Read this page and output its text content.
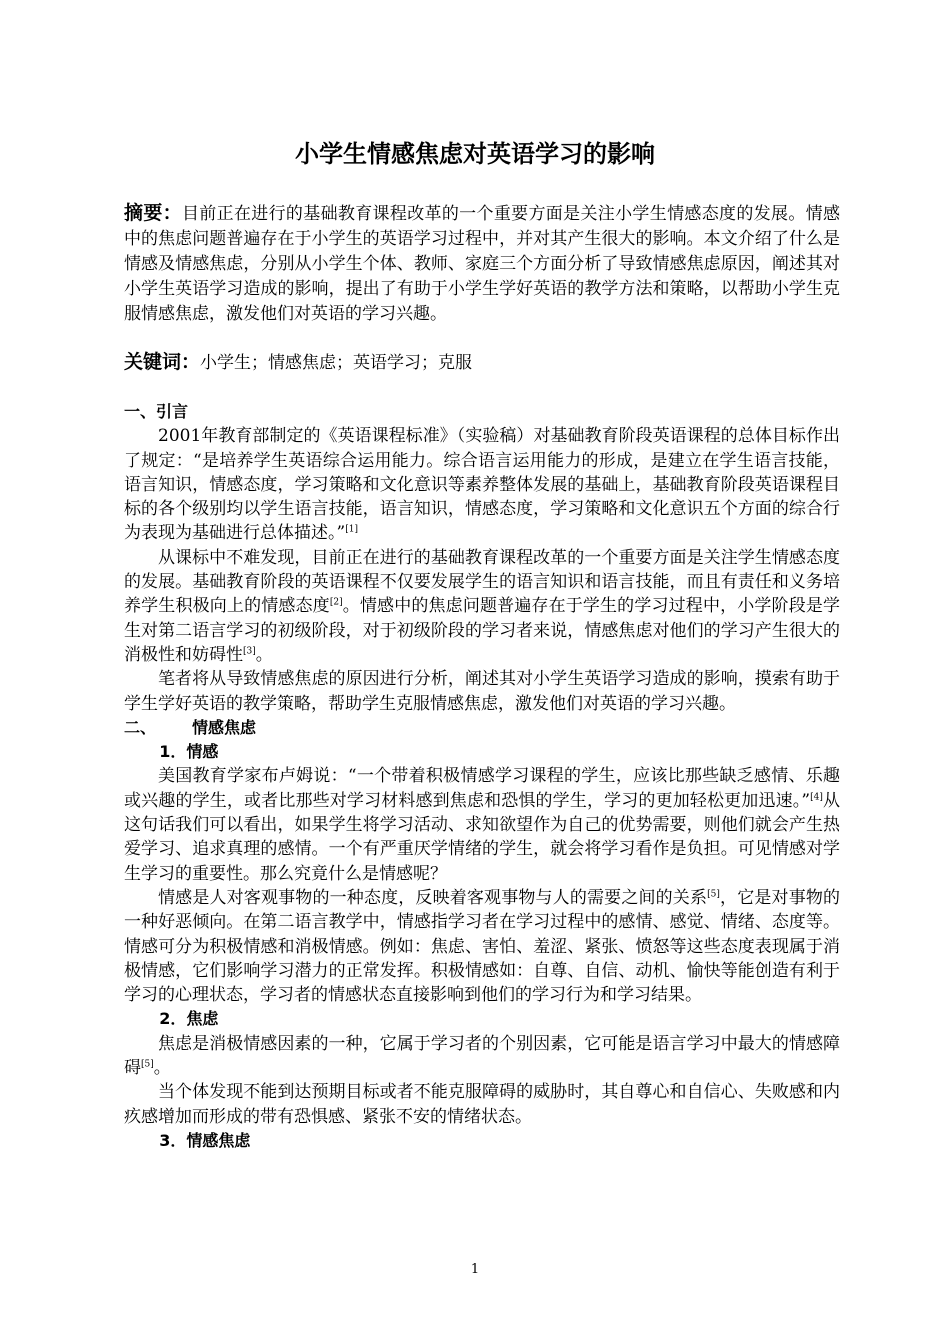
小学生情感焦虑对英语学习的影响
摘要：目前正在进行的基础教育课程改革的一个重要方面是关注小学生情感态度的发展。情感中的焦虑问题普遍存在于小学生的英语学习过程中，并对其产生很大的影响。本文介绍了什么是情感及情感焦虑，分别从小学生个体、教师、家庭三个方面分析了导致情感焦虑原因，阐述其对小学生英语学习造成的影响，提出了有助于小学生学好英语的教学方法和策略，以帮助小学生克服情感焦虑，激发他们对英语的学习兴趣。
关键词：小学生；情感焦虑；英语学习；克服

一、引言

2001年教育部制定的《英语课程标准》（实验稿）对基础教育阶段英语课程的总体目标作出了规定：“是培养学生英语综合运用能力。综合语言运用能力的形成，是建立在学生语言技能，语言知识，情感态度，学习策略和文化意识等素养整体发展的基础上，基础教育阶段英语课程目标的各个级别均以学生语言技能，语言知识，情感态度，学习策略和文化意识五个方面的综合行为表现为基础进行总体描述。”[1]

从课标中不难发现，目前正在进行的基础教育课程改革的一个重要方面是关注学生情感态度的发展。基础教育阶段的英语课程不仅要发展学生的语言知识和语言技能，而且有责任和义务培养学生积极向上的情感态度[2]。情感中的焦虑问题普遍存在于学生的学习过程中，小学阶段是学生对第二语言学习的初级阶段，对于初级阶段的学习者来说，情感焦虑对他们的学习产生很大的消极性和妨碍性[3]。

笔者将从导致情感焦虑的原因进行分析，阐述其对小学生英语学习造成的影响，摸索有助于学生学好英语的教学策略，帮助学生克服情感焦虑，激发他们对英语的学习兴趣。

二、 情感焦虑

1．情感

美国教育学家布卢姆说：“一个带着积极情感学习课程的学生，应该比那些缺乏感情、乐趣或兴趣的学生，或者比那些对学习材料感到焦虑和恐惧的学生，学习的更加轻松更加迅速。”[4]从这句话我们可以看出，如果学生将学习活动、求知欲望作为自己的优势需要，则他们就会产生热爱学习、追求真理的感情。一个有严重厌学情绪的学生，就会将学习看作是负担。可见情感对学生学习的重要性。那么究竟什么是情感呢？

情感是人对客观事物的一种态度，反映着客观事物与人的需要之间的关系[5]，它是对事物的一种好恶倾向。在第二语言教学中，情感指学习者在学习过程中的感情、感觉、情绪、态度等。情感可分为积极情感和消极情感。例如：焦虑、害怕、羞涩、紧张、愤怒等这些态度表现属于消极情感，它们影响学习潜力的正常发挥。积极情感如：自尊、自信、动机、愉快等能创造有利于学习的心理状态，学习者的情感状态直接影响到他们的学习行为和学习结果。

2．焦虑

焦虑是消极情感因素的一种，它属于学习者的个别因素，它可能是语言学习中最大的情感障碍[5]。

当个体发现不能到达预期目标或者不能克服障碍的威胁时，其自尊心和自信心、失败感和内疚感增加而形成的带有恐惧感、紧张不安的情绪状态。

3．情感焦虑

1
